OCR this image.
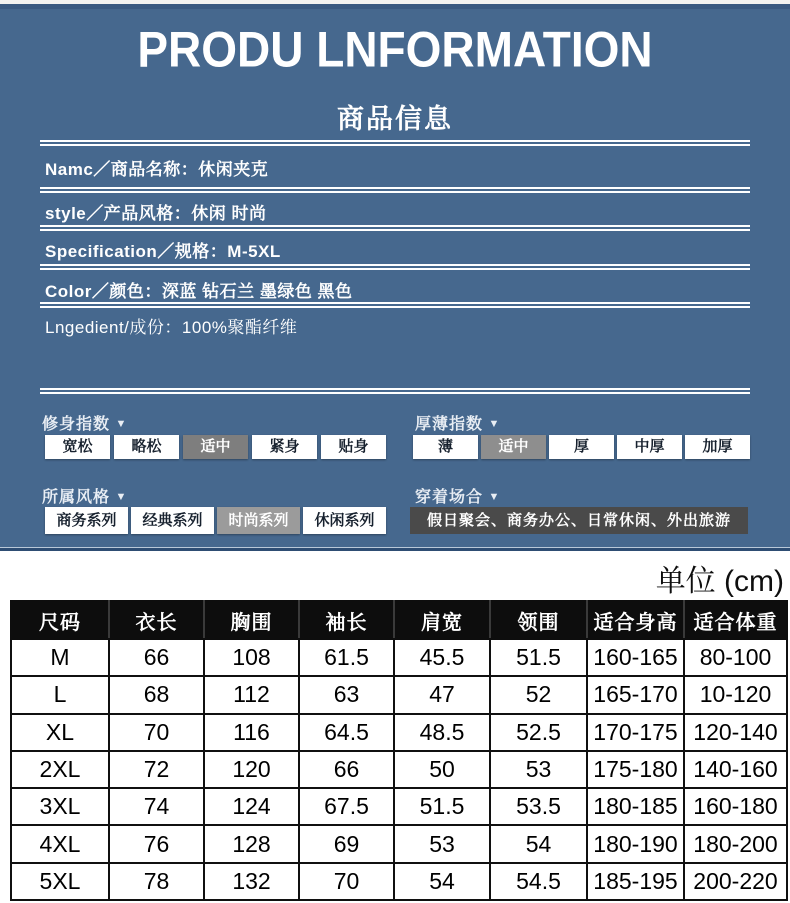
PRODU LNFORMATION
商品信息
Namc／商品名称：休闲夹克
style／产品风格：休闲 时尚
Specification／规格：M-5XL
Color／颜色：深蓝 钻石兰 墨绿色 黑色
Lngedient/成份：100%聚酯纤维
修身指数 ▼
宽松	略松	适中	紧身	贴身
厚薄指数 ▼
薄	适中	厚	中厚	加厚
所属风格 ▼
商务系列	经典系列	时尚系列	休闲系列
穿着场合 ▼
假日聚会、商务办公、日常休闲、外出旅游
单位 (cm)
尺码	衣长	胸围	袖长	肩宽	领围	适合身高	适合体重
M	66	108	61.5	45.5	51.5	160-165	80-100
L	68	112	63	47	52	165-170	10-120
XL	70	116	64.5	48.5	52.5	170-175	120-140
2XL	72	120	66	50	53	175-180	140-160
3XL	74	124	67.5	51.5	53.5	180-185	160-180
4XL	76	128	69	53	54	180-190	180-200
5XL	78	132	70	54	54.5	185-195	200-220
